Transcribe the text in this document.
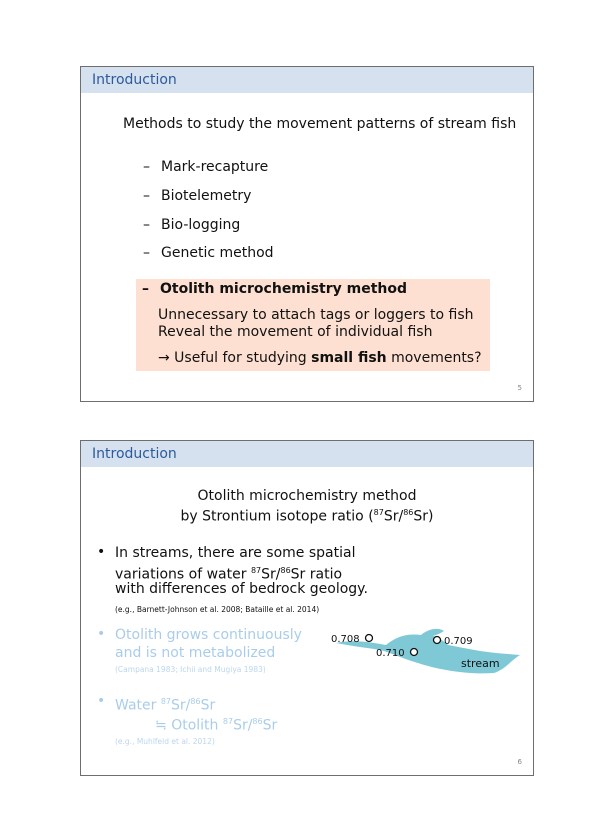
Introduction
Methods to study the movement patterns of stream fish
– Mark-recapture
– Biotelemetry
– Bio-logging
– Genetic method
– Otolith microchemistry method
Unnecessary to attach tags or loggers to fish
Reveal the movement of individual fish
→ Useful for studying small fish movements?
5
Introduction
Otolith microchemistry method
by Strontium isotope ratio ($^{87}$Sr/$^{86}$Sr)
• In streams, there are some spatial
variations of water $^{87}$Sr/$^{86}$Sr ratio
with differences of bedrock geology.
(e.g., Barnett-Johnson et al. 2008; Bataille et al. 2014)
• Otolith grows continuously
and is not metabolized
(Campana 1983; Ichii and Mugiya 1983)
• Water $^{87}$Sr/$^{86}$Sr
≒ Otolith $^{87}$Sr/$^{86}$Sr
(e.g., Muhlfeld et al. 2012)
0.708	0.709
0.710
stream
6
